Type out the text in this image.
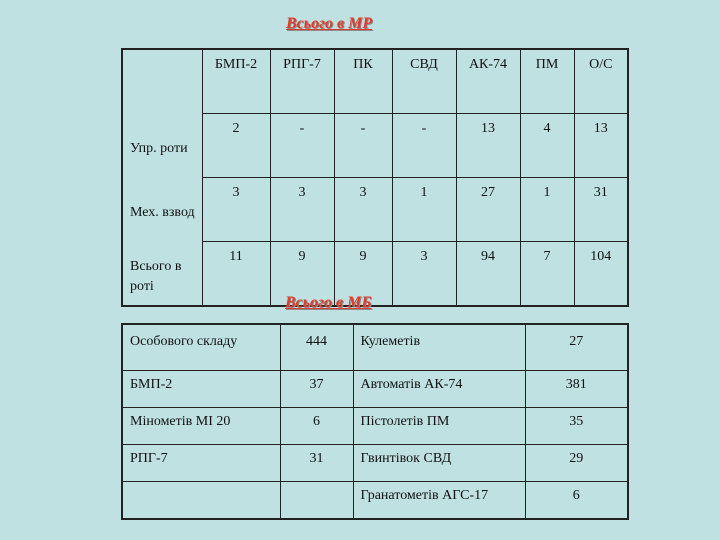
Всього в МР
	БМП-2	РПГ-7	ПК	СВД	АК-74	ПМ	О/С
Упр. роти	2	-	-	-	13	4	13
Мех. взвод	3	3	3	1	27	1	31
Всього в роті	11	9	9	3	94	7	104
Всього в МБ
Особового складу	444	Кулеметів	27
БМП-2	37	Автоматів АК-74	381
Мінометів МІ 20	6	Пістолетів ПМ	35
РПГ-7	31	Гвинтівок СВД	29
		Гранатометів АГС-17	6
